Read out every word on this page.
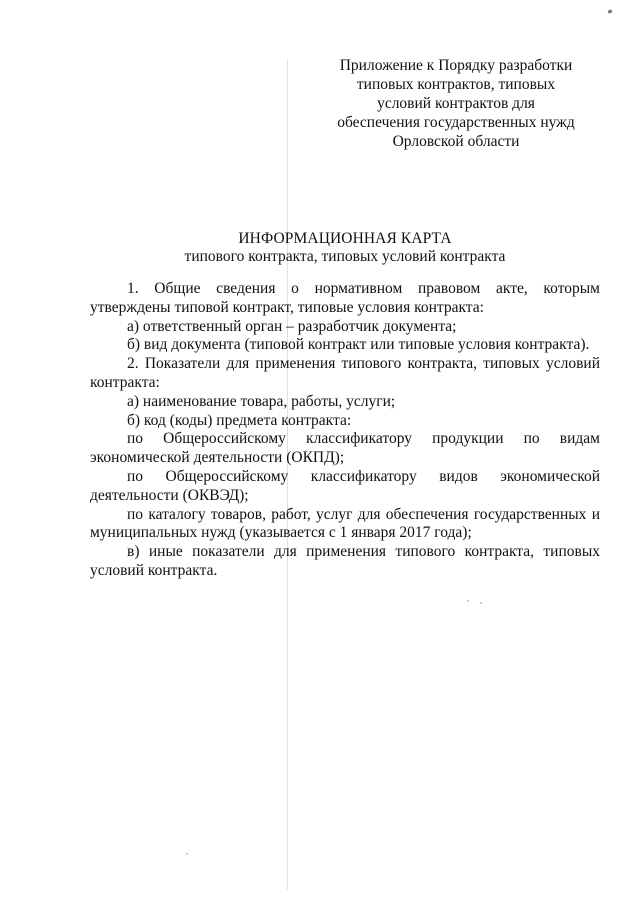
Приложение к Порядку разработки
типовых контрактов, типовых
условий контрактов для
обеспечения государственных нужд
Орловской области
ИНФОРМАЦИОННАЯ КАРТА
типового контракта, типовых условий контракта

1. Общие сведения о нормативном правовом акте, которым утверждены типовой контракт, типовые условия контракта:

а) ответственный орган – разработчик документа;

б) вид документа (типовой контракт или типовые условия контракта).

2. Показатели для применения типового контракта, типовых условий контракта:

а) наименование товара, работы, услуги;

б) код (коды) предмета контракта:

по Общероссийскому классификатору продукции по видам экономической деятельности (ОКПД);

по Общероссийскому классификатору видов экономической деятельности (ОКВЭД);

по каталогу товаров, работ, услуг для обеспечения государственных и муниципальных нужд (указывается с 1 января 2017 года);

в) иные показатели для применения типового контракта, типовых условий контракта.
